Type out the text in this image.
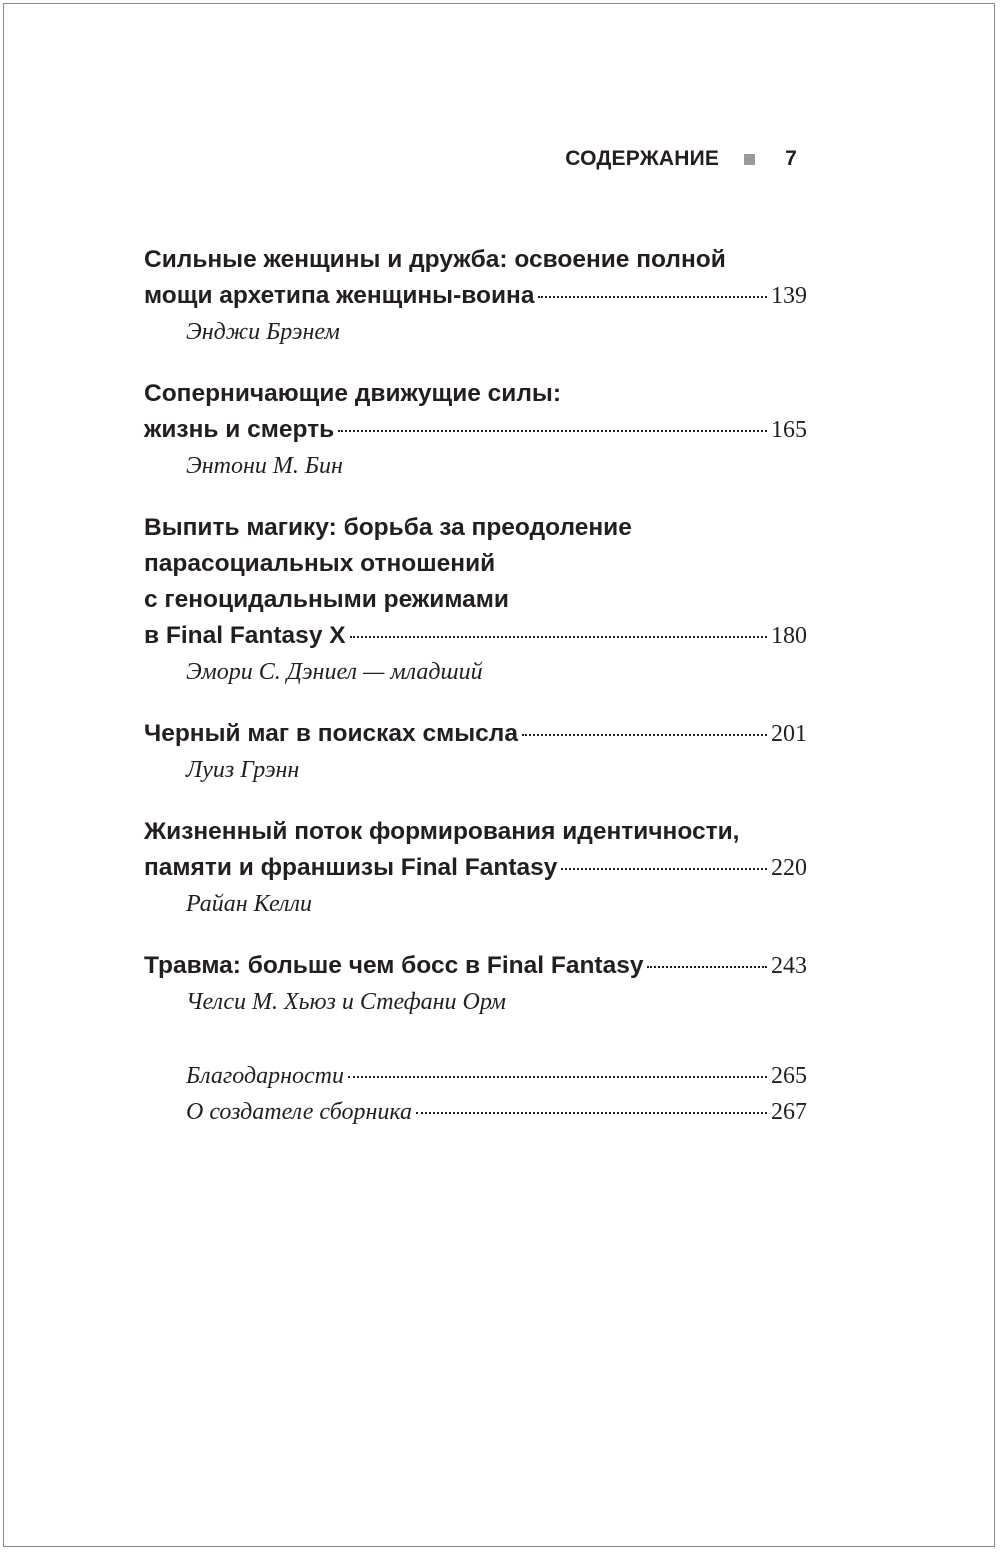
СОДЕРЖАНИЕ	7
Сильные женщины и дружба: освоение полной
мощи архетипа женщины-воина	139
Энджи Брэнем
Соперничающие движущие силы:
жизнь и смерть	165
Энтони М. Бин
Выпить магику: борьба за преодоление
парасоциальных отношений
с геноцидальными режимами
в Final Fantasy X	180
Эмори С. Дэниел — младший
Черный маг в поисках смысла	201
Луиз Грэнн
Жизненный поток формирования идентичности,
памяти и франшизы Final Fantasy	220
Райан Келли
Травма: больше чем босс в Final Fantasy	243
Челси М. Хьюз и Стефани Орм
Благодарности	265
О создателе сборника	267
